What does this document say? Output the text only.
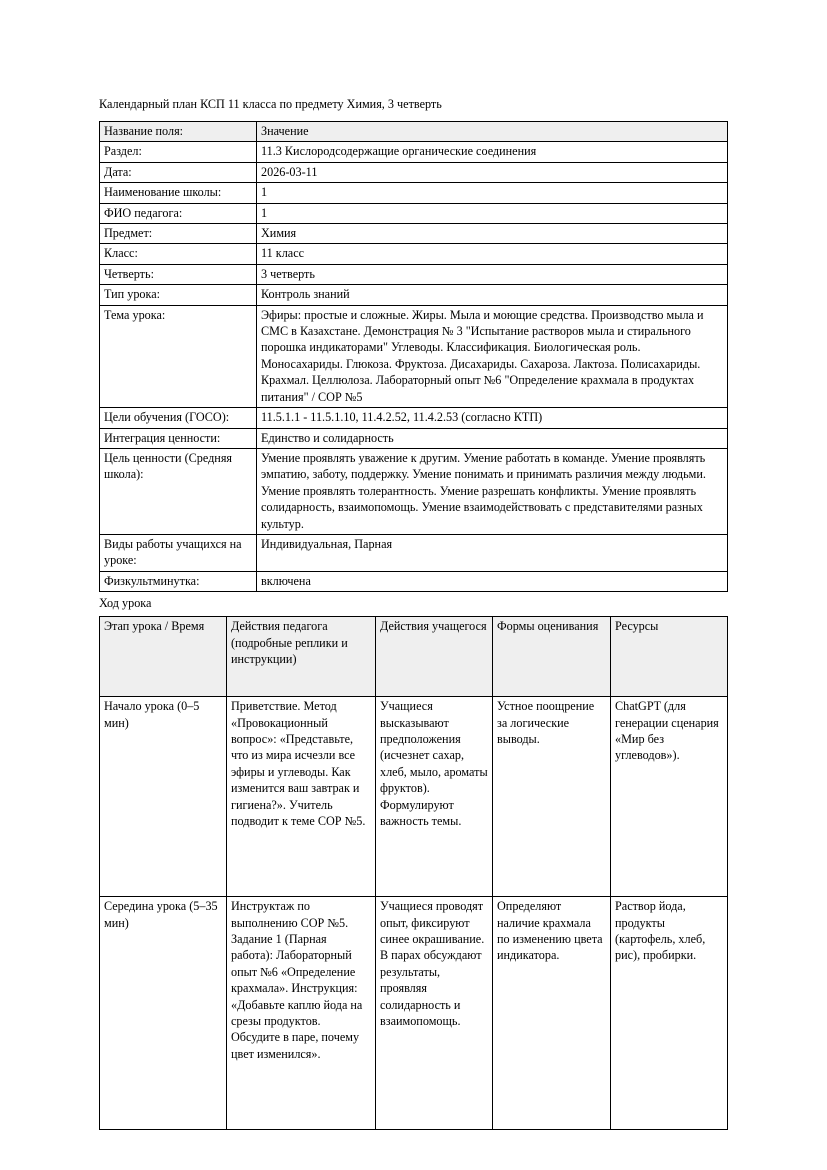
Календарный план КСП 11 класса по предмету Химия, 3 четверть
Название поля:	Значение
Раздел:	11.3 Кислородсодержащие органические соединения
Дата:	2026-03-11
Наименование школы:	1
ФИО педагога:	1
Предмет:	Химия
Класс:	11 класс
Четверть:	3 четверть
Тип урока:	Контроль знаний
Тема урока:	Эфиры: простые и сложные. Жиры. Мыла и моющие средства. Производство мыла и СМС в Казахстане. Демонстрация № 3 "Испытание растворов мыла и стирального порошка индикаторами" Углеводы. Классификация. Биологическая роль. Моносахариды. Глюкоза. Фруктоза. Дисахариды. Сахароза. Лактоза. Полисахариды. Крахмал. Целлюлоза. Лабораторный опыт №6 "Определение крахмала в продуктах питания" / СОР №5
Цели обучения (ГОСО):	11.5.1.1 - 11.5.1.10, 11.4.2.52, 11.4.2.53 (согласно КТП)
Интеграция ценности:	Единство и солидарность
Цель ценности (Средняя школа):	Умение проявлять уважение к другим. Умение работать в команде. Умение проявлять эмпатию, заботу, поддержку. Умение понимать и принимать различия между людьми. Умение проявлять толерантность. Умение разрешать конфликты. Умение проявлять солидарность, взаимопомощь. Умение взаимодействовать с представителями разных культур.
Виды работы учащихся на уроке:	Индивидуальная, Парная
Физкультминутка:	включена
Ход урока
Этап урока / Время	Действия педагога (подробные реплики и инструкции)	Действия учащегося	Формы оценивания	Ресурсы
Начало урока (0–5 мин)	Приветствие. Метод «Провокационный вопрос»: «Представьте, что из мира исчезли все эфиры и углеводы. Как изменится ваш завтрак и гигиена?». Учитель подводит к теме СОР №5.	Учащиеся высказывают предположения (исчезнет сахар, хлеб, мыло, ароматы фруктов). Формулируют важность темы.	Устное поощрение за логические выводы.	ChatGPT (для генерации сценария «Мир без углеводов»).
Середина урока (5–35 мин)	Инструктаж по выполнению СОР №5. Задание 1 (Парная работа): Лабораторный опыт №6 «Определение крахмала». Инструкция: «Добавьте каплю йода на срезы продуктов. Обсудите в паре, почему цвет изменился».	Учащиеся проводят опыт, фиксируют синее окрашивание. В парах обсуждают результаты, проявляя солидарность и взаимопомощь.	Определяют наличие крахмала по изменению цвета индикатора.	Раствор йода, продукты (картофель, хлеб, рис), пробирки.
